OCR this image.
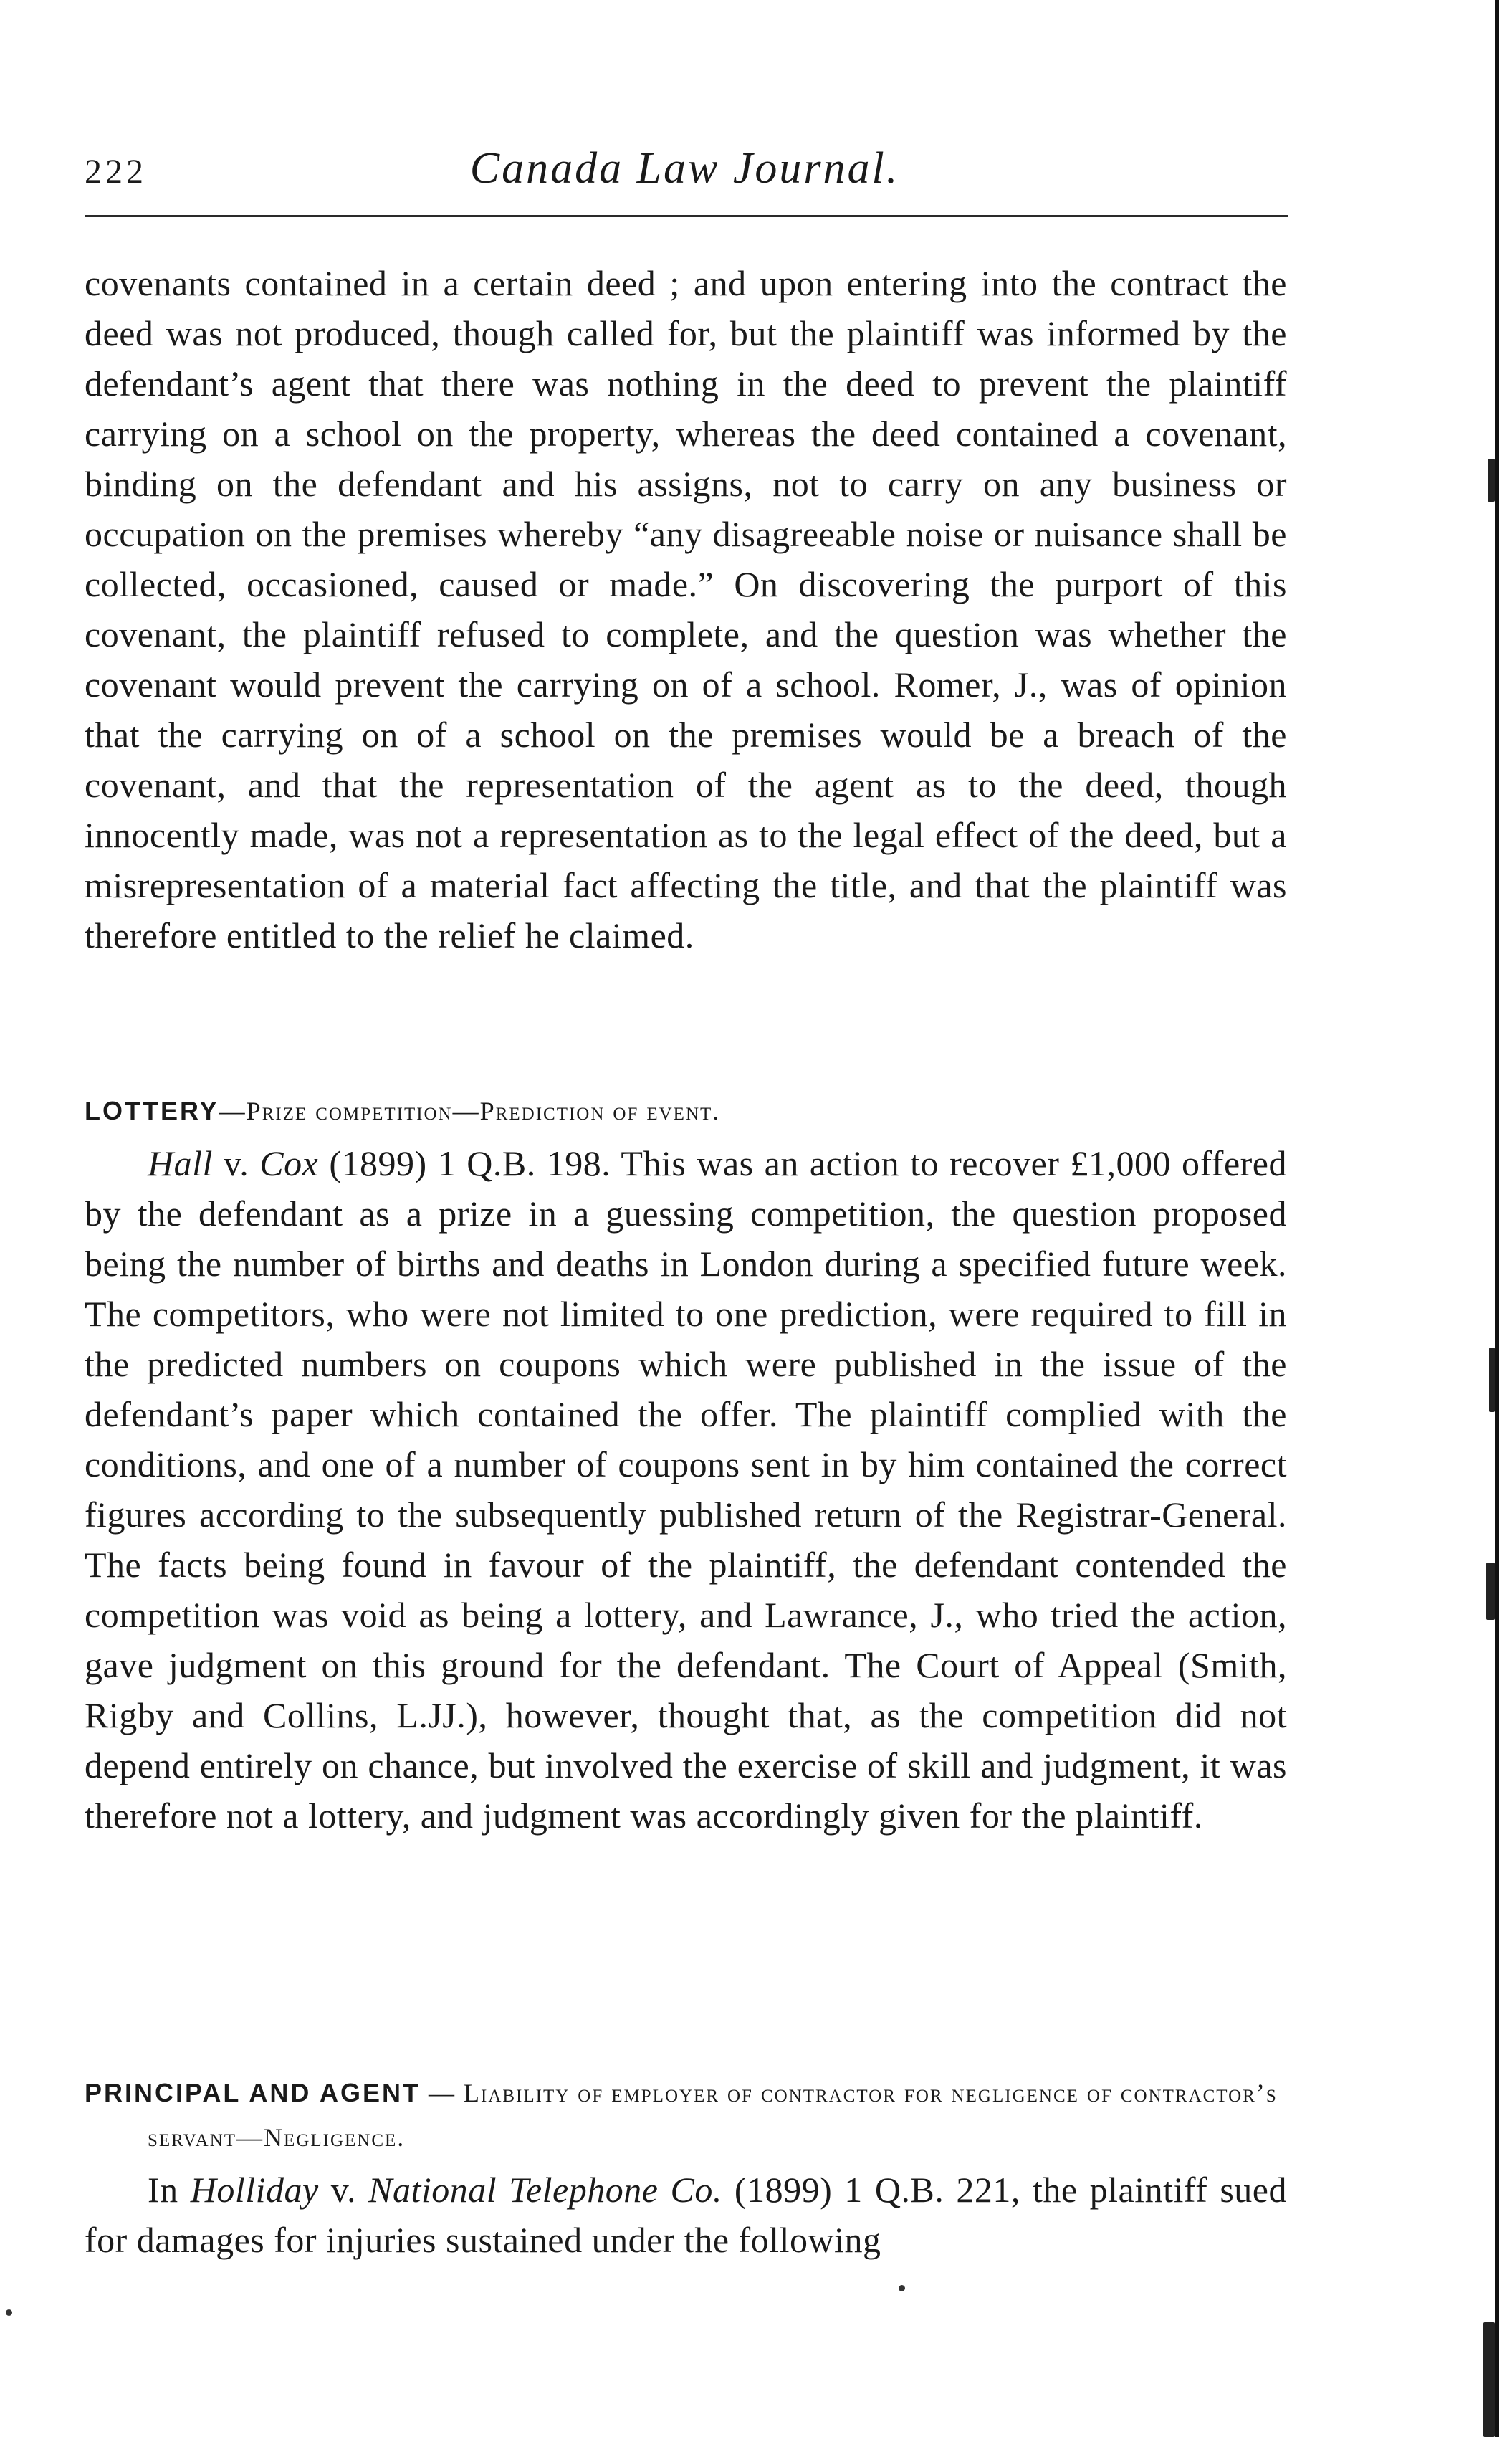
222	Canada Law Journal.

covenants contained in a certain deed ; and upon entering into the contract the deed was not produced, though called for, but the plaintiff was informed by the defendant’s agent that there was nothing in the deed to prevent the plaintiff carrying on a school on the property, whereas the deed contained a covenant, binding on the defendant and his assigns, not to carry on any business or occupation on the premises whereby “any disagreeable noise or nuisance shall be collected, occasioned, caused or made.” On discovering the purport of this covenant, the plaintiff refused to complete, and the question was whether the covenant would prevent the carrying on of a school. Romer, J., was of opinion that the carrying on of a school on the premises would be a breach of the covenant, and that the representation of the agent as to the deed, though innocently made, was not a representation as to the legal effect of the deed, but a misrepresentation of a material fact affecting the title, and that the plaintiff was therefore entitled to the relief he claimed.

LOTTERY—Prize competition—Prediction of event.

Hall v. Cox (1899) 1 Q.B. 198. This was an action to recover £1,000 offered by the defendant as a prize in a guessing competition, the question proposed being the number of births and deaths in London during a specified future week. The competitors, who were not limited to one prediction, were required to fill in the predicted numbers on coupons which were published in the issue of the defendant’s paper which contained the offer. The plaintiff complied with the conditions, and one of a number of coupons sent in by him contained the correct figures according to the subsequently published return of the Registrar-General. The facts being found in favour of the plaintiff, the defendant contended the competition was void as being a lottery, and Lawrance, J., who tried the action, gave judgment on this ground for the defendant. The Court of Appeal (Smith, Rigby and Collins, L.JJ.), however, thought that, as the competition did not depend entirely on chance, but involved the exercise of skill and judgment, it was therefore not a lottery, and judgment was accordingly given for the plaintiff.

PRINCIPAL AND AGENT — Liability of employer of contractor for negligence of contractor’s servant—Negligence.

In Holliday v. National Telephone Co. (1899) 1 Q.B. 221, the plaintiff sued for damages for injuries sustained under the following
